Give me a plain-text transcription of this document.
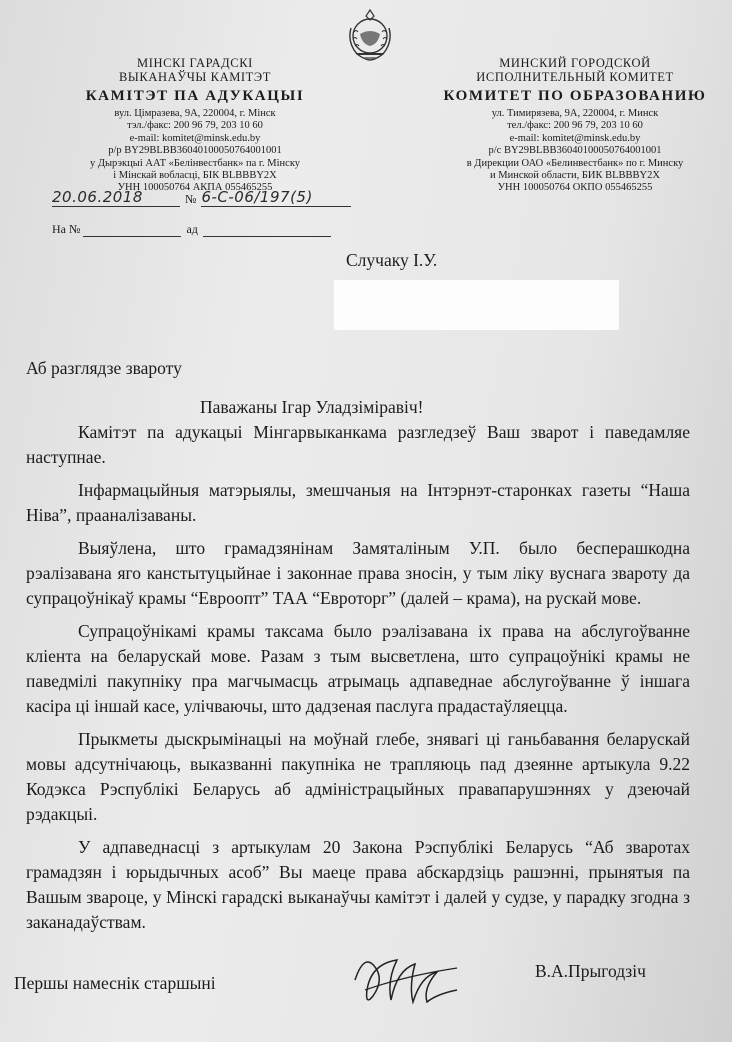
МІНСКІ ГАРАДСКІ
ВЫКАНАЎЧЫ КАМІТЭТ
КАМІТЭТ ПА АДУКАЦЫІ
вул. Цімразева, 9А, 220004, г. Мінск
тэл./факс: 200 96 79, 203 10 60
e-mail: komitet@minsk.edu.by
р/р BY29BLBB36040100050764001001
у Дырэкцыі ААТ «Белінвестбанк» па г. Мінску
і Мінскай вобласці, БІК BLBBBY2X
УНН 100050764 АКПА 055465255
МИНСКИЙ ГОРОДСКОЙ
ИСПОЛНИТЕЛЬНЫЙ КОМИТЕТ
КОМИТЕТ ПО ОБРАЗОВАНИЮ
ул. Тимирязева, 9А, 220004, г. Минск
тел./факс: 200 96 79, 203 10 60
e-mail: komitet@minsk.edu.by
р/с BY29BLBB36040100050764001001
в Дирекции ОАО «Белинвестбанк» по г. Минску
и Минской области, БИК BLBBBY2X
УНН 100050764 ОКПО 055465255
20.06.2018	№ 6-С-06/197(5)
На №	ад
Случаку І.У.
Аб разглядзе звароту
Паважаны Ігар Уладзіміравіч!

Камітэт па адукацыі Мінгарвыканкама разгледзеў Ваш зварот і паведамляе наступнае.

Інфармацыйныя матэрыялы, змешчаныя на Інтэрнэт-старонках газеты “Наша Ніва”, прааналізаваны.

Выяўлена, што грамадзянінам Замяталіным У.П. было бесперашкодна рэалізавана яго канстытуцыйнае і законнае права зносін, у тым ліку вуснага звароту да супрацоўнікаў крамы “Евроопт” ТАА “Евроторг” (далей – крама), на рускай мове.

Супрацоўнікамі крамы таксама было рэалізавана іх права на абслугоўванне кліента на беларускай мове. Разам з тым высветлена, што супрацоўнікі крамы не паведмілі пакупніку пра магчымасць атрымаць адпаведнае абслугоўванне ў іншага касіра ці іншай касе, улічваючы, што дадзеная паслуга прадастаўляецца.

Прыкметы дыскрымінацыі на моўнай глебе, знявагі ці ганьбавання беларускай мовы адсутнічаюць, выказванні пакупніка не трапляюць пад дзеянне артыкула 9.22 Кодэкса Рэспублікі Беларусь аб адміністрацыйных правапарушэннях у дзеючай рэдакцыі.

У адпаведнасці з артыкулам 20 Закона Рэспублікі Беларусь “Аб зваротах грамадзян і юрыдычных асоб” Вы маеце права абскардзіць рашэнні, прынятыя па Вашым звароце, у Мінскі гарадскі выканаўчы камітэт і далей у судзе, у парадку згодна з заканадаўствам.

Першы намеснік старшыні
В.А.Прыгодзіч
